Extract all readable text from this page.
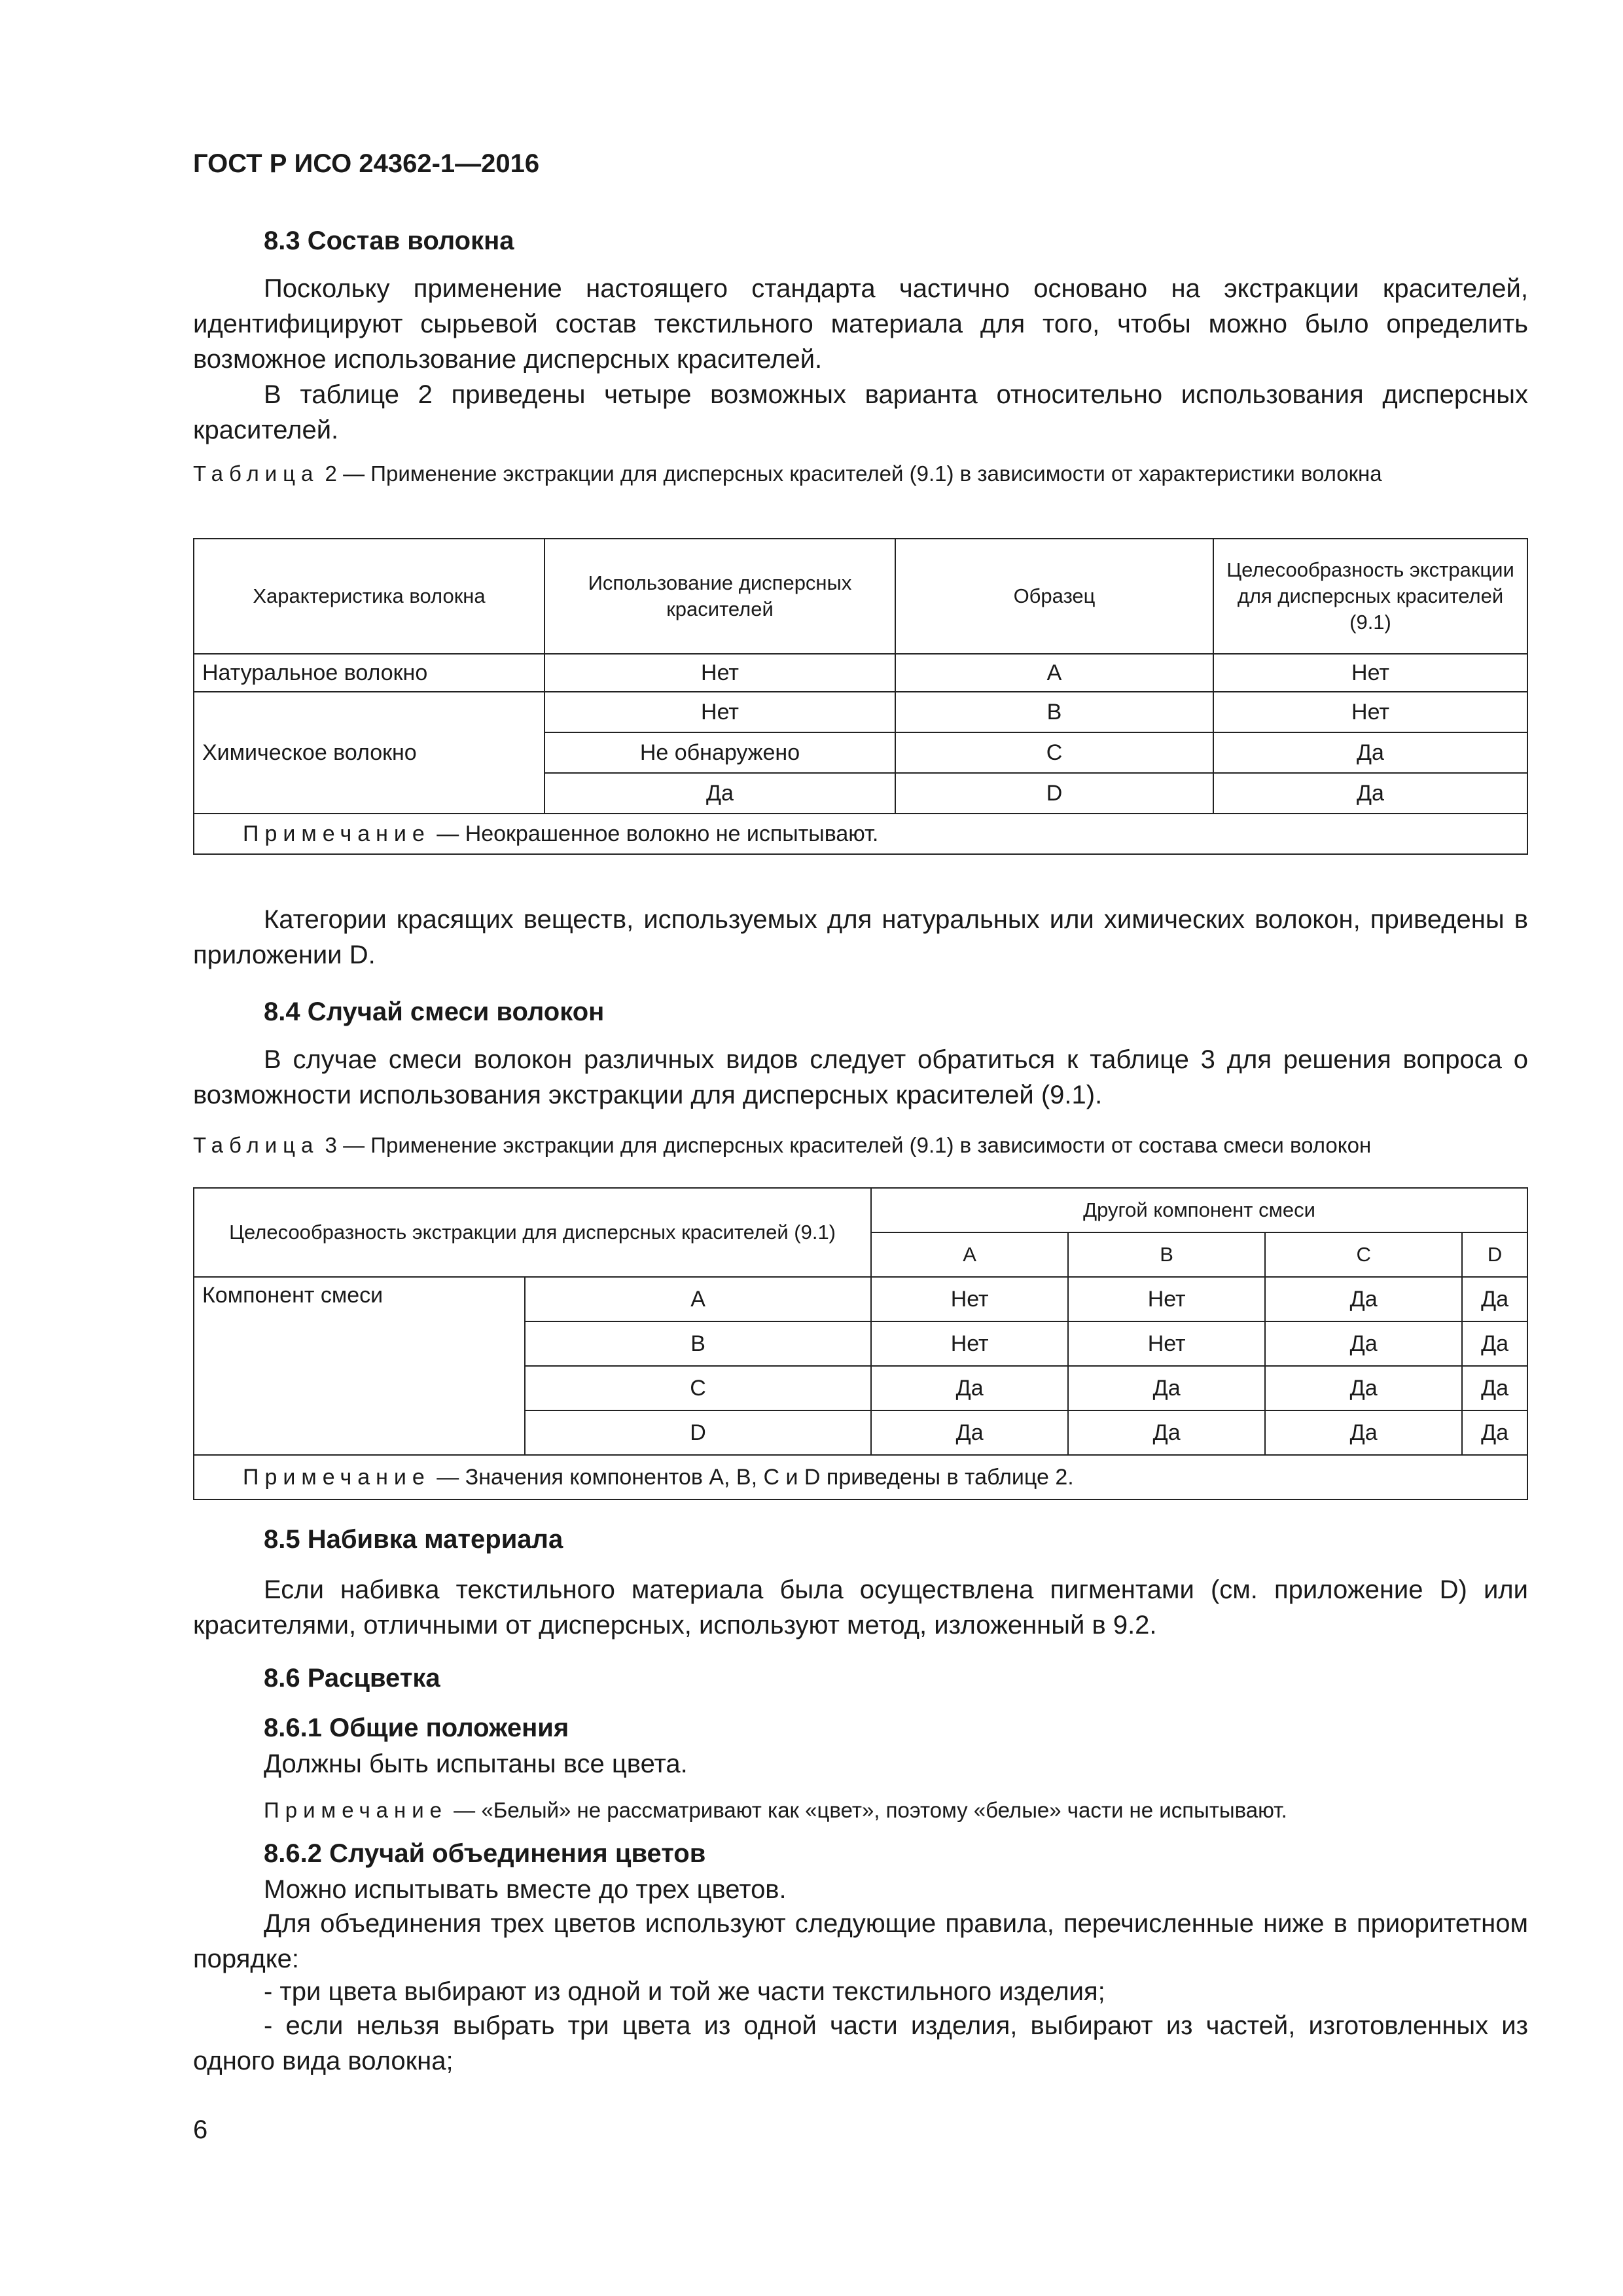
ГОСТ Р ИСО 24362-1—2016
8.3 Состав волокна
Поскольку применение настоящего стандарта частично основано на экстракции красителей, идентифицируют сырьевой состав текстильного материала для того, чтобы можно было определить возможное использование дисперсных красителей.
В таблице 2 приведены четыре возможных варианта относительно использования дисперсных красителей.
Таблица 2 — Применение экстракции для дисперсных красителей (9.1) в зависимости от характеристики волокна
Характеристика волокна	Использование дисперсных красителей	Образец	Целесообразность экстракции для дисперсных красителей (9.1)
Натуральное волокно	Нет	A	Нет
Химическое волокно	Нет	B	Нет
	Не обнаружено	C	Да
	Да	D	Да
Примечание — Неокрашенное волокно не испытывают.			
Категории красящих веществ, используемых для натуральных или химических волокон, приведены в приложении D.
8.4 Случай смеси волокон
В случае смеси волокон различных видов следует обратиться к таблице 3 для решения вопроса о возможности использования экстракции для дисперсных красителей (9.1).
Таблица 3 — Применение экстракции для дисперсных красителей (9.1) в зависимости от состава смеси волокон
Целесообразность экстракции для дисперсных красителей (9.1)		Другой компонент смеси			
		A	B	C	D
Компонент смеси	A	Нет	Нет	Да	Да
	B	Нет	Нет	Да	Да
	C	Да	Да	Да	Да
	D	Да	Да	Да	Да
Примечание — Значения компонентов A, B, C и D приведены в таблице 2.					
8.5 Набивка материала
Если набивка текстильного материала была осуществлена пигментами (см. приложение D) или красителями, отличными от дисперсных, используют метод, изложенный в 9.2.
8.6 Расцветка
8.6.1 Общие положения
Должны быть испытаны все цвета.
Примечание — «Белый» не рассматривают как «цвет», поэтому «белые» части не испытывают.
8.6.2 Случай объединения цветов
Можно испытывать вместе до трех цветов.
Для объединения трех цветов используют следующие правила, перечисленные ниже в приоритетном порядке:
- три цвета выбирают из одной и той же части текстильного изделия;
- если нельзя выбрать три цвета из одной части изделия, выбирают из частей, изготовленных из одного вида волокна;
6
